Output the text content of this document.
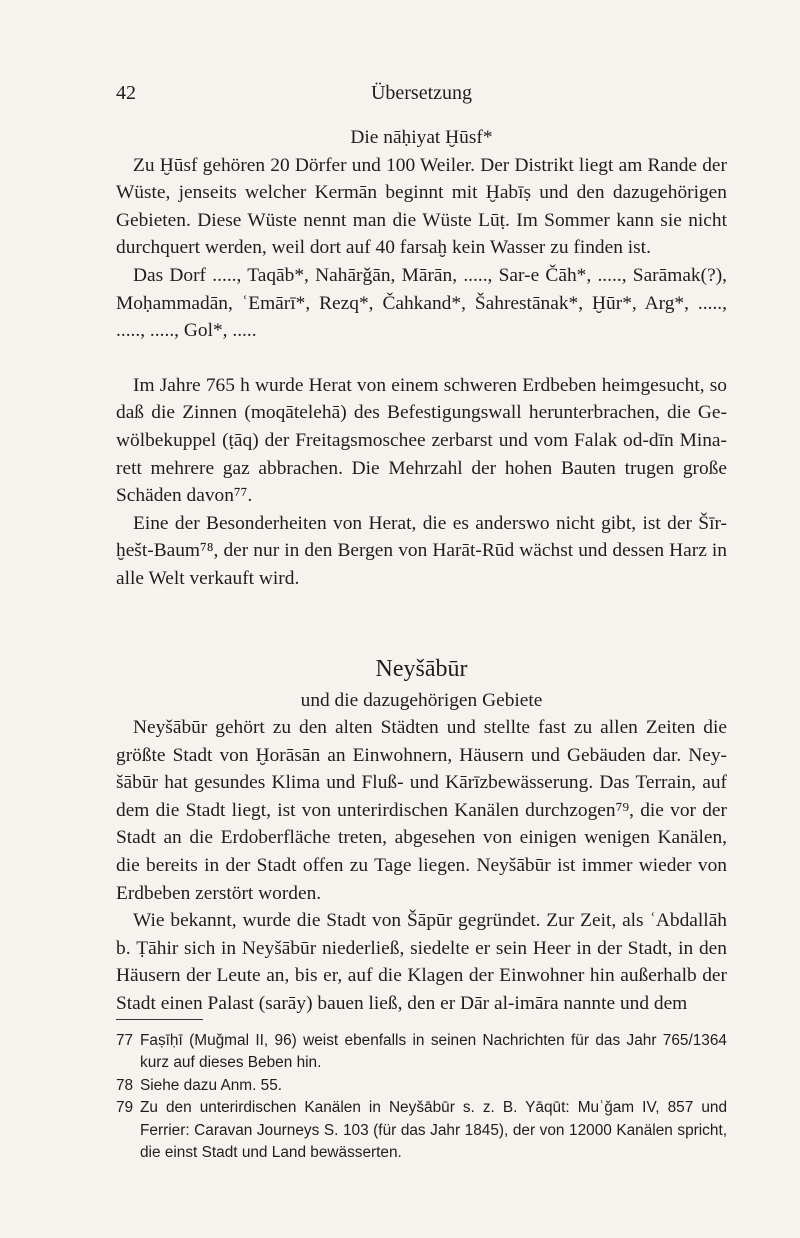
42	Übersetzung

Die nāḥiyat Ḫūsf*

Zu Ḫūsf gehören 20 Dörfer und 100 Weiler. Der Distrikt liegt am Rande der Wüste, jenseits welcher Kermān beginnt mit Ḫabīṣ und den dazugehörigen Gebieten. Diese Wüste nennt man die Wüste Lūṭ. Im Sommer kann sie nicht durchquert werden, weil dort auf 40 farsaḫ kein Wasser zu finden ist.

Das Dorf ....., Taqāb*, Nahārǧān, Mārān, ....., Sar-e Čāh*, ....., Sarāmak(?), Moḥammadān, ʿEmārī*, Rezq*, Čahkand*, Šahrestānak*, Ḫūr*, Arg*, ....., ....., ....., Gol*, .....

Im Jahre 765 h wurde Herat von einem schweren Erdbeben heimgesucht, so daß die Zinnen (moqātelehā) des Befestigungswall herunterbrachen, die Gewölbekuppel (ṭāq) der Freitagsmoschee zerbarst und vom Falak od-dīn Minarett mehrere gaz abbrachen. Die Mehrzahl der hohen Bauten trugen große Schäden davon⁷⁷.

Eine der Besonderheiten von Herat, die es anderswo nicht gibt, ist der Šīr-ḫešt-Baum⁷⁸, der nur in den Bergen von Harāt-Rūd wächst und dessen Harz in alle Welt verkauft wird.

Neyšābūr

und die dazugehörigen Gebiete

Neyšābūr gehört zu den alten Städten und stellte fast zu allen Zeiten die größte Stadt von Ḫorāsān an Einwohnern, Häusern und Gebäuden dar. Neyšābūr hat gesundes Klima und Fluß- und Kārīzbewässerung. Das Terrain, auf dem die Stadt liegt, ist von unterirdischen Kanälen durchzogen⁷⁹, die vor der Stadt an die Erdoberfläche treten, abgesehen von einigen wenigen Kanälen, die bereits in der Stadt offen zu Tage liegen. Neyšābūr ist immer wieder von Erdbeben zerstört worden.

Wie bekannt, wurde die Stadt von Šāpūr gegründet. Zur Zeit, als ʿAbdallāh b. Ṭāhir sich in Neyšābūr niederließ, siedelte er sein Heer in der Stadt, in den Häusern der Leute an, bis er, auf die Klagen der Einwohner hin außerhalb der Stadt einen Palast (sarāy) bauen ließ, den er Dār al-imāra nannte und dem

77 Faṣīḥī (Muǧmal II, 96) weist ebenfalls in seinen Nachrichten für das Jahr 765/1364 kurz auf dieses Beben hin.
78 Siehe dazu Anm. 55.
79 Zu den unterirdischen Kanälen in Neyšābūr s. z. B. Yāqūt: Muʿǧam IV, 857 und Ferrier: Caravan Journeys S. 103 (für das Jahr 1845), der von 12000 Kanälen spricht, die einst Stadt und Land bewässerten.
